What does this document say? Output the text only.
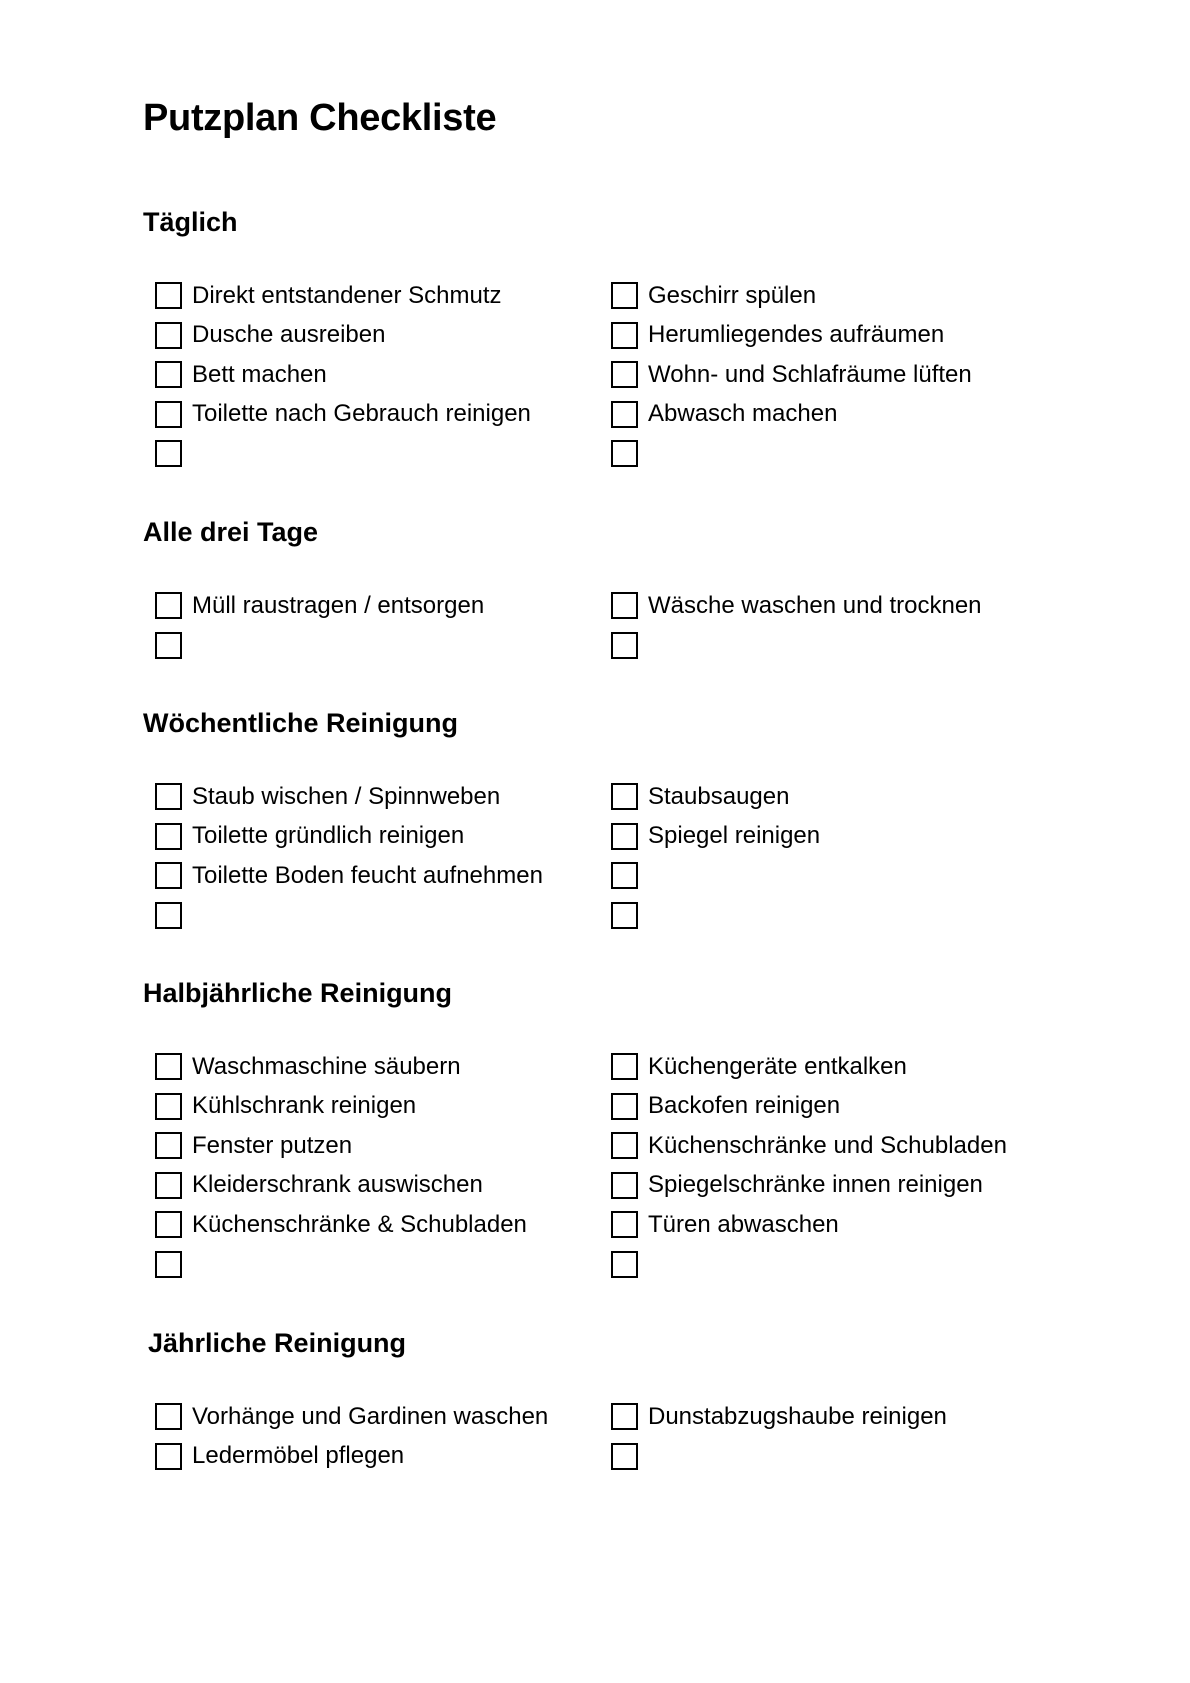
Putzplan Checkliste
Täglich
Direkt entstandener Schmutz
Dusche ausreiben
Bett machen
Toilette nach Gebrauch reinigen
Geschirr spülen
Herumliegendes aufräumen
Wohn- und Schlafräume lüften
Abwasch machen
Alle drei Tage
Müll raustragen / entsorgen	Wäsche waschen und trocknen
Wöchentliche Reinigung
Staub wischen / Spinnweben
Toilette gründlich reinigen
Toilette Boden feucht aufnehmen
Staubsaugen
Spiegel reinigen
Halbjährliche Reinigung
Waschmaschine säubern
Kühlschrank reinigen
Fenster putzen
Kleiderschrank auswischen
Küchenschränke & Schubladen
Küchengeräte entkalken
Backofen reinigen
Küchenschränke und Schubladen
Spiegelschränke innen reinigen
Türen abwaschen
Jährliche Reinigung
Vorhänge und Gardinen waschen
Ledermöbel pflegen
Dunstabzugshaube reinigen
